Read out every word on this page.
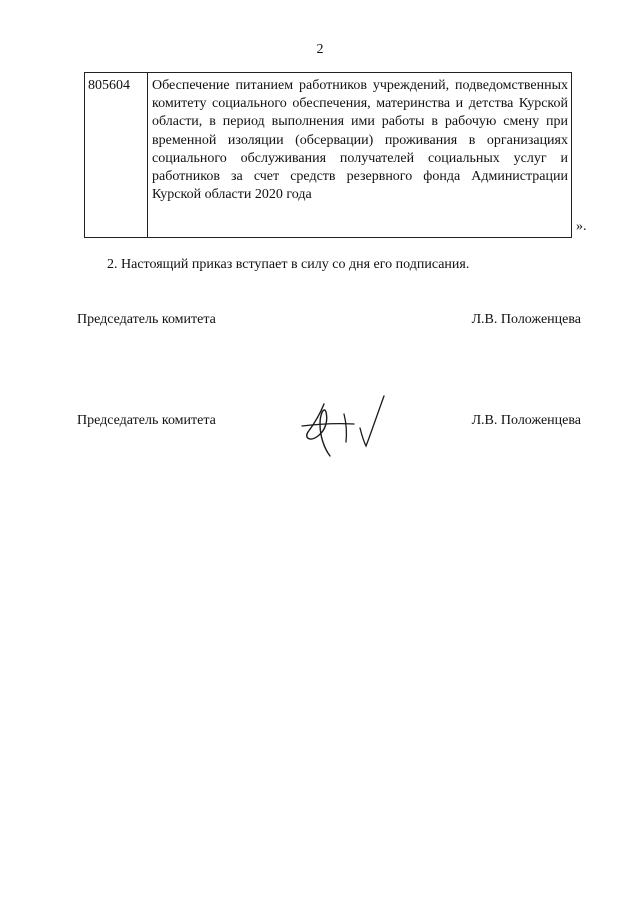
2
805604	Обеспечение питанием работников учреждений, подведомственных комитету социального обеспечения, материнства и детства Курской области, в период выполнения ими работы в рабочую смену при временной изоляции (обсервации) проживания в организациях социального обслуживания получателей социальных услуг и работников за счет средств резервного фонда Администрации Курской области 2020 года
».
2. Настоящий приказ вступает в силу со дня его подписания.
Председатель комитета	Л.В. Положенцева
Председатель комитета	Л.В. Положенцева
